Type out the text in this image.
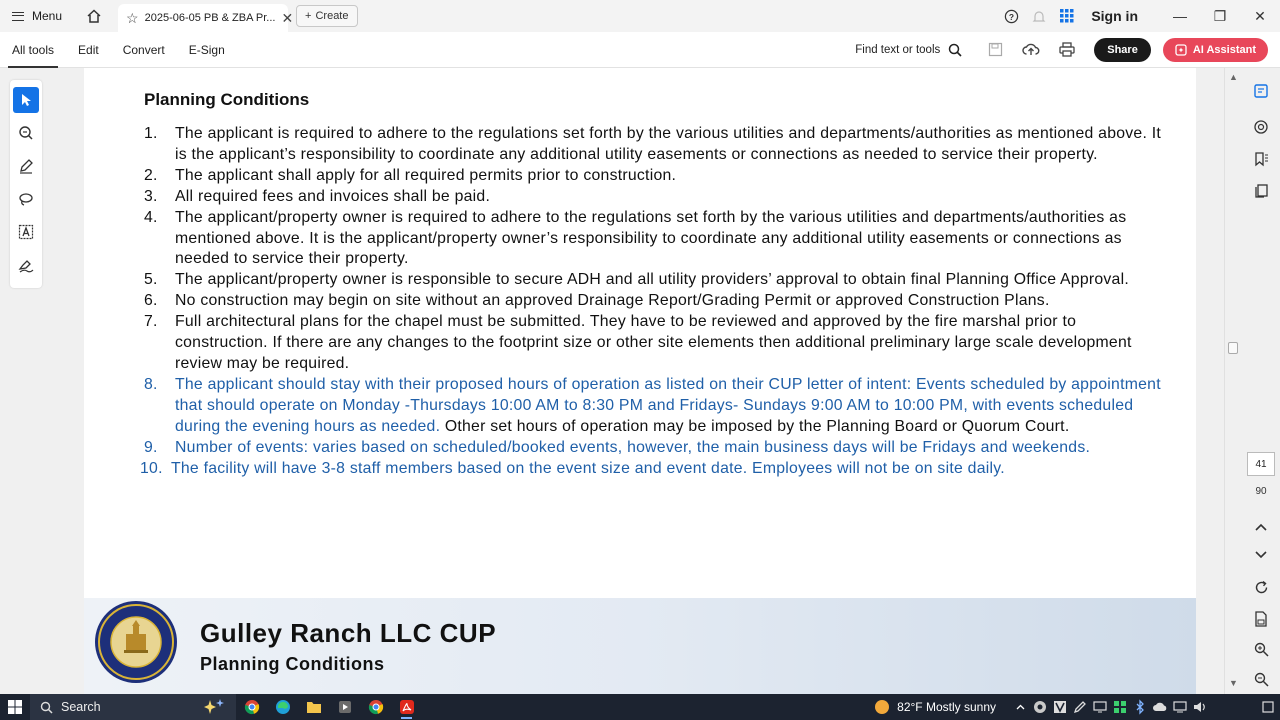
Menu	☆ 2025-06-05 PB & ZBA Pr... ✕ + Create	?	Sign in	—	❐	✕
All tools	Edit	Convert	E-Sign	Find text or tools	Share	AI Assistant
Planning Conditions
1.	The applicant is required to adhere to the regulations set forth by the various utilities and departments/authorities as mentioned above. It is the applicant’s responsibility to coordinate any additional utility easements or connections as needed to service their property.
2.	The applicant shall apply for all required permits prior to construction.
3.	All required fees and invoices shall be paid.
4.	The applicant/property owner is required to adhere to the regulations set forth by the various utilities and departments/authorities as mentioned above. It is the applicant/property owner’s responsibility to coordinate any additional utility easements or connections as needed to service their property.
5.	The applicant/property owner is responsible to secure ADH and all utility providers’ approval to obtain final Planning Office Approval.
6.	No construction may begin on site without an approved Drainage Report/Grading Permit or approved Construction Plans.
7.	Full architectural plans for the chapel must be submitted. They have to be reviewed and approved by the fire marshal prior to construction. If there are any changes to the footprint size or other site elements then additional preliminary large scale development review may be required.
8.	The applicant should stay with their proposed hours of operation as listed on their CUP letter of intent: Events scheduled by appointment that should operate on Monday -Thursdays 10:00 AM to 8:30 PM and Fridays- Sundays 9:00 AM to 10:00 PM, with events scheduled during the evening hours as needed. Other set hours of operation may be imposed by the Planning Board or Quorum Court.
9.	Number of events: varies based on scheduled/booked events, however, the main business days will be Fridays and weekends.
10. The facility will have 3-8 staff members based on the event size and event date. Employees will not be on site daily.
Gulley Ranch LLC CUP
Planning Conditions
▲
▼
41
90
Search	82°F Mostly sunny
